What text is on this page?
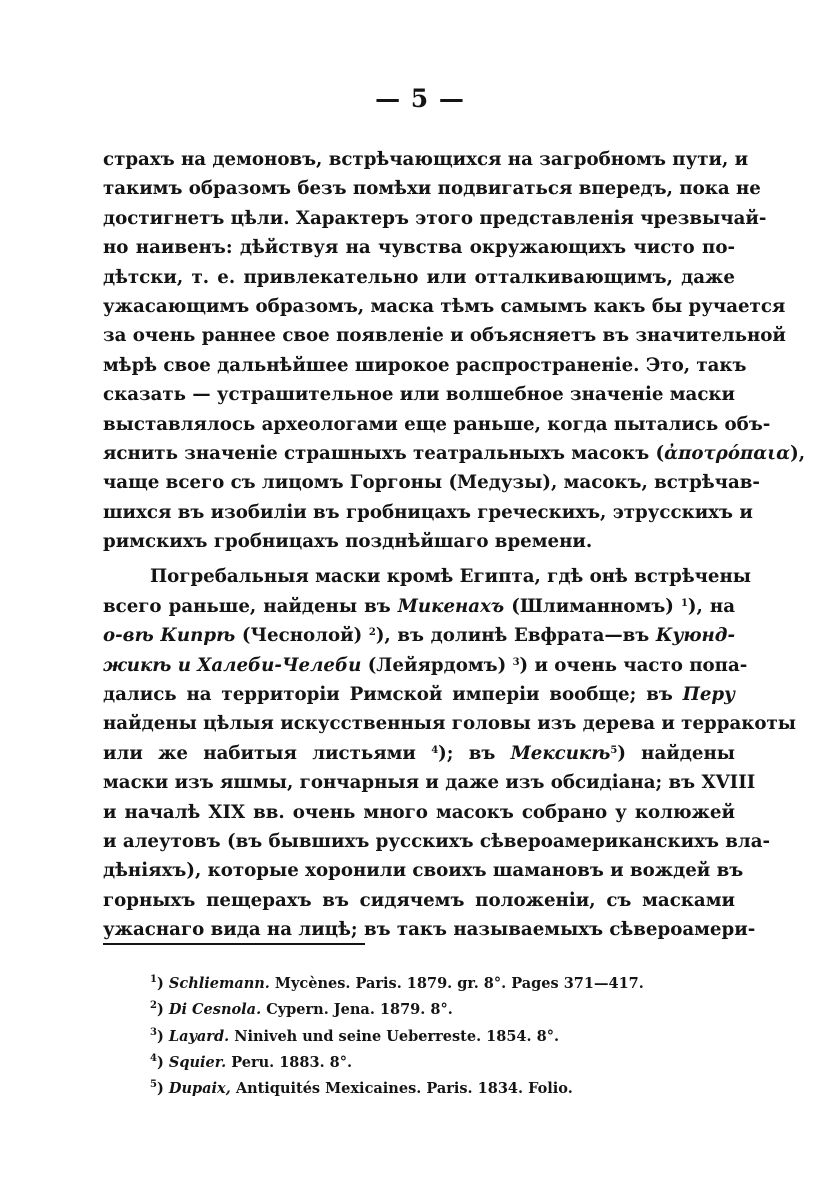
— 5 —
страхъ на демоновъ, встрѣчающихся на загробномъ пути, и
такимъ образомъ безъ помѣхи подвигаться впередъ, пока не
достигнетъ цѣли. Характеръ этого представленія чрезвычай-
но наивенъ: дѣйствуя на чувства окружающихъ чисто по-
дѣтски, т. е. привлекательно или отталкивающимъ, даже
ужасающимъ образомъ, маска тѣмъ самымъ какъ бы ручается
за очень раннее свое появленіе и объясняетъ въ значительной
мѣрѣ свое дальнѣйшее широкое распространеніе. Это, такъ
сказать — устрашительное или волшебное значеніе маски
выставлялось археологами еще раньше, когда пытались объ-
яснить значеніе страшныхъ театральныхъ масокъ (ἀποτρόπαια),
чаще всего съ лицомъ Горгоны (Медузы), масокъ, встрѣчав-
шихся въ изобиліи въ гробницахъ греческихъ, этрусскихъ и
римскихъ гробницахъ позднѣйшаго времени.
Погребальныя маски кромѣ Египта, гдѣ онѣ встрѣчены
всего раньше, найдены въ Микенахъ (Шлиманномъ) $^1$), на
о-вѣ Кипрѣ (Чеснолой) $^2$), въ долинѣ Евфрата—въ Куюнд-
жикѣ и Халеби-Челеби (Лейярдомъ) $^3$) и очень часто попа-
дались на территоріи Римской имперіи вообще; въ Перу
найдены цѣлыя искусственныя головы изъ дерева и терракоты
или же набитыя листьями $^4$); въ Мексикѣ$^5$) найдены
маски изъ яшмы, гончарныя и даже изъ обсидіана; въ XVIII
и началѣ XIX вв. очень много масокъ собрано у колюжей
и алеутовъ (въ бывшихъ русскихъ сѣвероамериканскихъ вла-
дѣніяхъ), которые хоронили своихъ шамановъ и вождей въ
горныхъ пещерахъ въ сидячемъ положеніи, съ масками
ужаснаго вида на лицѣ; въ такъ называемыхъ сѣвероамери-
$^1$) Schliemann. Mycènes. Paris. 1879. gr. 8°. Pages 371—417.
$^2$) Di Cesnola. Cypern. Jena. 1879. 8°.
$^3$) Layard. Niniveh und seine Ueberreste. 1854. 8°.
$^4$) Squier. Peru. 1883. 8°.
$^5$) Dupaix, Antiquités Mexicaines. Paris. 1834. Folio.
